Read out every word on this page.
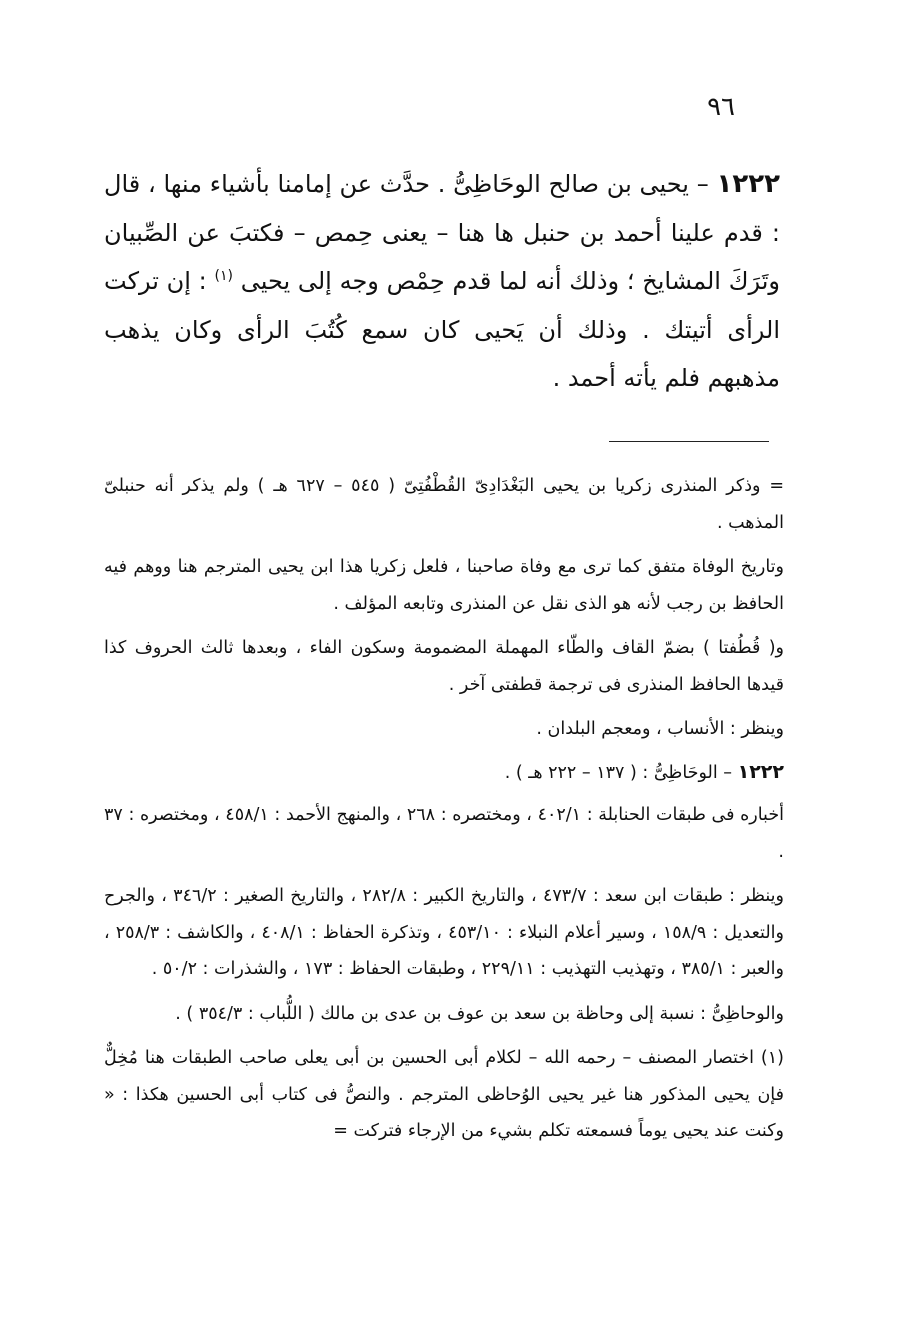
٩٦

١٢٢٢ – يحيى بن صالح الوحَاظِىُّ . حدَّث عن إمامنا بأشياء منها ، قال : قدم علينا أحمد بن حنبل ها هنا – يعنى حِمص – فكتبَ عن الصِّبيان وتَرَكَ المشايخ ؛ وذلك أنه لما قدم حِمْص وجه إلى يحيى $^{(١)}$ : إن تركت الرأى أتيتك . وذلك أن يَحيى كان سمع كُتُبَ الرأى وكان يذهب مذهبهم فلم يأته أحمد .

= وذكر المنذرى زكريا بن يحيى البَغْدَادِىّ القُطْفُتِىّ ( ٥٤٥ – ٦٢٧ هـ ) ولم يذكر أنه حنبلىّ المذهب .

وتاريخ الوفاة متفق كما ترى مع وفاة صاحبنا ، فلعل زكريا هذا ابن يحيى المترجم هنا ووهم فيه الحافظ بن رجب لأنه هو الذى نقل عن المنذرى وتابعه المؤلف .

و( قُطُفتا ) بضمّ القاف والطّاء المهملة المضمومة وسكون الفاء ، وبعدها ثالث الحروف كذا قيدها الحافظ المنذرى فى ترجمة قطفتى آخر .

وينظر : الأنساب ، ومعجم البلدان .

١٢٢٢ – الوحَاظِىُّ : ( ١٣٧ – ٢٢٢ هـ ) .

أخباره فى طبقات الحنابلة : ٤٠٢/١ ، ومختصره : ٢٦٨ ، والمنهج الأحمد : ٤٥٨/١ ، ومختصره : ٣٧ .

وينظر : طبقات ابن سعد : ٤٧٣/٧ ، والتاريخ الكبير : ٢٨٢/٨ ، والتاريخ الصغير : ٣٤٦/٢ ، والجرح والتعديل : ١٥٨/٩ ، وسير أعلام النبلاء : ٤٥٣/١٠ ، وتذكرة الحفاظ : ٤٠٨/١ ، والكاشف : ٢٥٨/٣ ، والعبر : ٣٨٥/١ ، وتهذيب التهذيب : ٢٢٩/١١ ، وطبقات الحفاظ : ١٧٣ ، والشذرات : ٥٠/٢ .

والوحاظِىُّ : نسبة إلى وحاظة بن سعد بن عوف بن عدى بن مالك ( اللُّباب : ٣٥٤/٣ ) .

(١) اختصار المصنف – رحمه الله – لكلام أبى الحسين بن أبى يعلى صاحب الطبقات هنا مُخِلٌّ فإن يحيى المذكور هنا غير يحيى الوُحاظى المترجم . والنصُّ فى كتاب أبى الحسين هكذا : « وكنت عند يحيى يوماً فسمعته تكلم بشيء من الإرجاء فتركت =
